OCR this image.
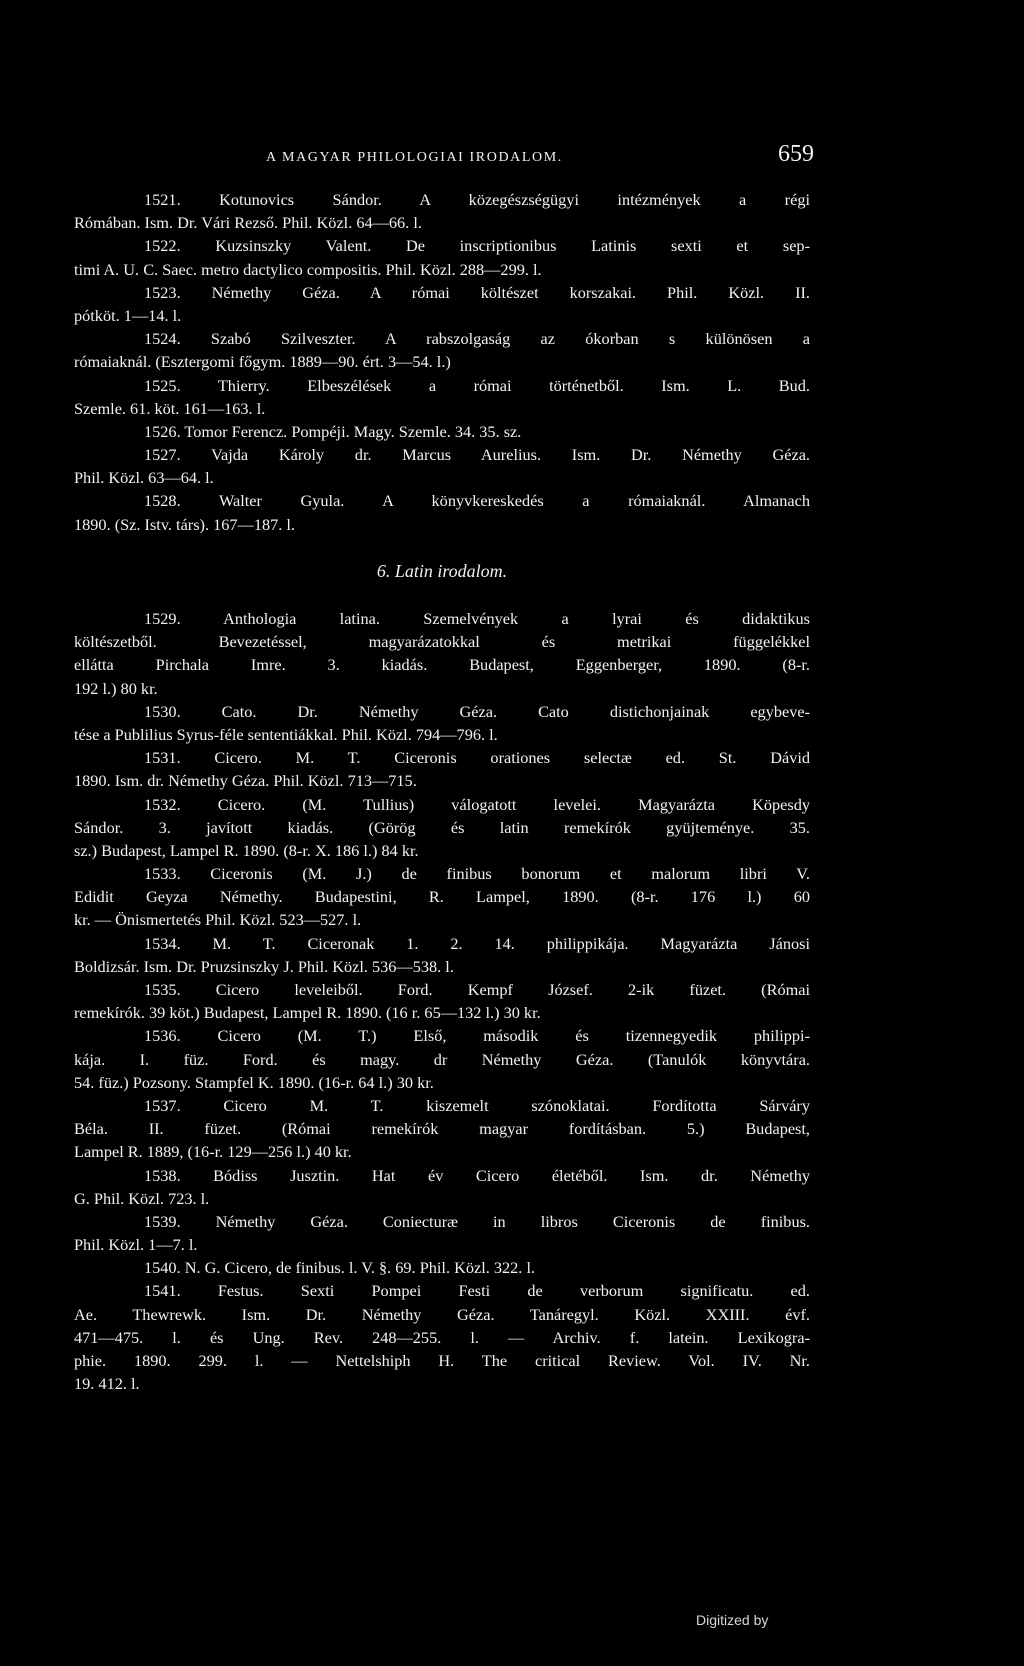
A MAGYAR PHILOLOGIAI IRODALOM.	659
1521. Kotunovics Sándor. A közegészségügyi intézmények a régi
Rómában. Ism. Dr. Vári Rezső. Phil. Közl. 64—66. l.
1522. Kuzsinszky Valent. De inscriptionibus Latinis sexti et sep-
timi A. U. C. Saec. metro dactylico compositis. Phil. Közl. 288—299. l.
1523. Némethy Géza. A római költészet korszakai. Phil. Közl. II.
pótköt. 1—14. l.
1524. Szabó Szilveszter. A rabszolgaság az ókorban s különösen a
rómaiaknál. (Esztergomi főgym. 1889—90. ért. 3—54. l.)
1525. Thierry. Elbeszélések a római történetből. Ism. L. Bud.
Szemle. 61. köt. 161—163. l.
1526. Tomor Ferencz. Pompéji. Magy. Szemle. 34. 35. sz.
1527. Vajda Károly dr. Marcus Aurelius. Ism. Dr. Némethy Géza.
Phil. Közl. 63—64. l.
1528. Walter Gyula. A könyvkereskedés a rómaiaknál. Almanach
1890. (Sz. Istv. társ). 167—187. l.
6. Latin irodalom.
1529. Anthologia latina. Szemelvények a lyrai és didaktikus
költészetből. Bevezetéssel, magyarázatokkal és metrikai függelékkel
ellátta Pirchala Imre. 3. kiadás. Budapest, Eggenberger, 1890. (8-r.
192 l.) 80 kr.
1530. Cato. Dr. Némethy Géza. Cato distichonjainak egybeve-
tése a Publilius Syrus-féle sententiákkal. Phil. Közl. 794—796. l.
1531. Cicero. M. T. Ciceronis orationes selectæ ed. St. Dávid
1890. Ism. dr. Némethy Géza. Phil. Közl. 713—715.
1532. Cicero. (M. Tullius) válogatott levelei. Magyarázta Köpesdy
Sándor. 3. javított kiadás. (Görög és latin remekírók gyüjteménye. 35.
sz.) Budapest, Lampel R. 1890. (8-r. X. 186 l.) 84 kr.
1533. Ciceronis (M. J.) de finibus bonorum et malorum libri V.
Edidit Geyza Némethy. Budapestini, R. Lampel, 1890. (8-r. 176 l.) 60
kr. — Önismertetés Phil. Közl. 523—527. l.
1534. M. T. Ciceronak 1. 2. 14. philippikája. Magyarázta Jánosi
Boldizsár. Ism. Dr. Pruzsinszky J. Phil. Közl. 536—538. l.
1535. Cicero leveleiből. Ford. Kempf József. 2-ik füzet. (Római
remekírók. 39 köt.) Budapest, Lampel R. 1890. (16 r. 65—132 l.) 30 kr.
1536. Cicero (M. T.) Első, második és tizennegyedik philippi-
kája. I. füz. Ford. és magy. dr Némethy Géza. (Tanulók könyvtára.
54. füz.) Pozsony. Stampfel K. 1890. (16-r. 64 l.) 30 kr.
1537. Cicero M. T. kiszemelt szónoklatai. Fordította Sárváry
Béla. II. füzet. (Római remekírók magyar fordításban. 5.) Budapest,
Lampel R. 1889, (16-r. 129—256 l.) 40 kr.
1538. Bódiss Jusztin. Hat év Cicero életéből. Ism. dr. Némethy
G. Phil. Közl. 723. l.
1539. Némethy Géza. Coniecturæ in libros Ciceronis de finibus.
Phil. Közl. 1—7. l.
1540. N. G. Cicero, de finibus. l. V. §. 69. Phil. Közl. 322. l.
1541. Festus. Sexti Pompei Festi de verborum significatu. ed.
Ae. Thewrewk. Ism. Dr. Némethy Géza. Tanáregyl. Közl. XXIII. évf.
471—475. l. és Ung. Rev. 248—255. l. — Archiv. f. latein. Lexikogra-
phie. 1890. 299. l. — Nettelshiph H. The critical Review. Vol. IV. Nr.
19. 412. l.
Digitized by
